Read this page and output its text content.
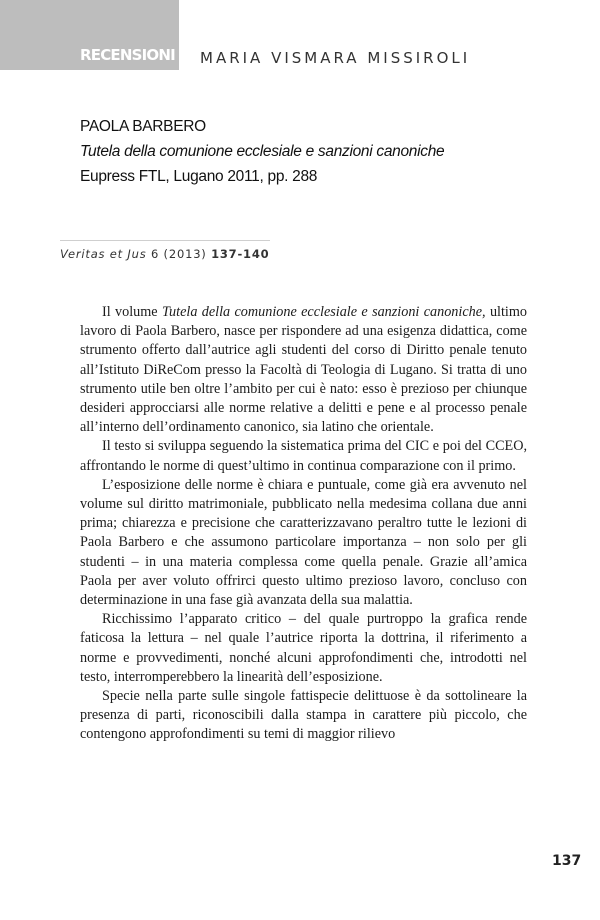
RECENSIONI MARIA VISMARA MISSIROLI
PAOLA BARBERO
Tutela della comunione ecclesiale e sanzioni canoniche
Eupress FTL, Lugano 2011, pp. 288
Veritas et Jus 6 (2013) 137-140

Il volume Tutela della comunione ecclesiale e sanzioni canoniche, ultimo lavoro di Paola Barbero, nasce per rispondere ad una esigenza didattica, come strumento offerto dall’autrice agli studenti del corso di Diritto penale tenuto all’Istituto DiReCom presso la Facoltà di Teologia di Lugano. Si tratta di uno strumento utile ben oltre l’ambito per cui è nato: esso è prezioso per chiunque desideri approcciarsi alle norme relative a delitti e pene e al processo penale all’interno dell’ordinamento canonico, sia latino che orientale.

Il testo si sviluppa seguendo la sistematica prima del CIC e poi del CCEO, affrontando le norme di quest’ultimo in continua comparazione con il primo.

L’esposizione delle norme è chiara e puntuale, come già era avvenuto nel volume sul diritto matrimoniale, pubblicato nella medesima collana due anni prima; chiarezza e precisione che caratterizzavano peraltro tutte le lezioni di Paola Barbero e che assumono particolare importanza – non solo per gli studenti – in una materia complessa come quella penale. Grazie all’amica Paola per aver voluto offrirci questo ultimo prezioso lavoro, concluso con determinazione in una fase già avanzata della sua malattia.

Ricchissimo l’apparato critico – del quale purtroppo la grafica rende faticosa la lettura – nel quale l’autrice riporta la dottrina, il riferimento a norme e provvedimenti, nonché alcuni approfondimenti che, introdotti nel testo, interromperebbero la linearità dell’esposizione.

Specie nella parte sulle singole fattispecie delittuose è da sottolineare la presenza di parti, riconoscibili dalla stampa in carattere più piccolo, che contengono approfondimenti su temi di maggior rilievo

137
